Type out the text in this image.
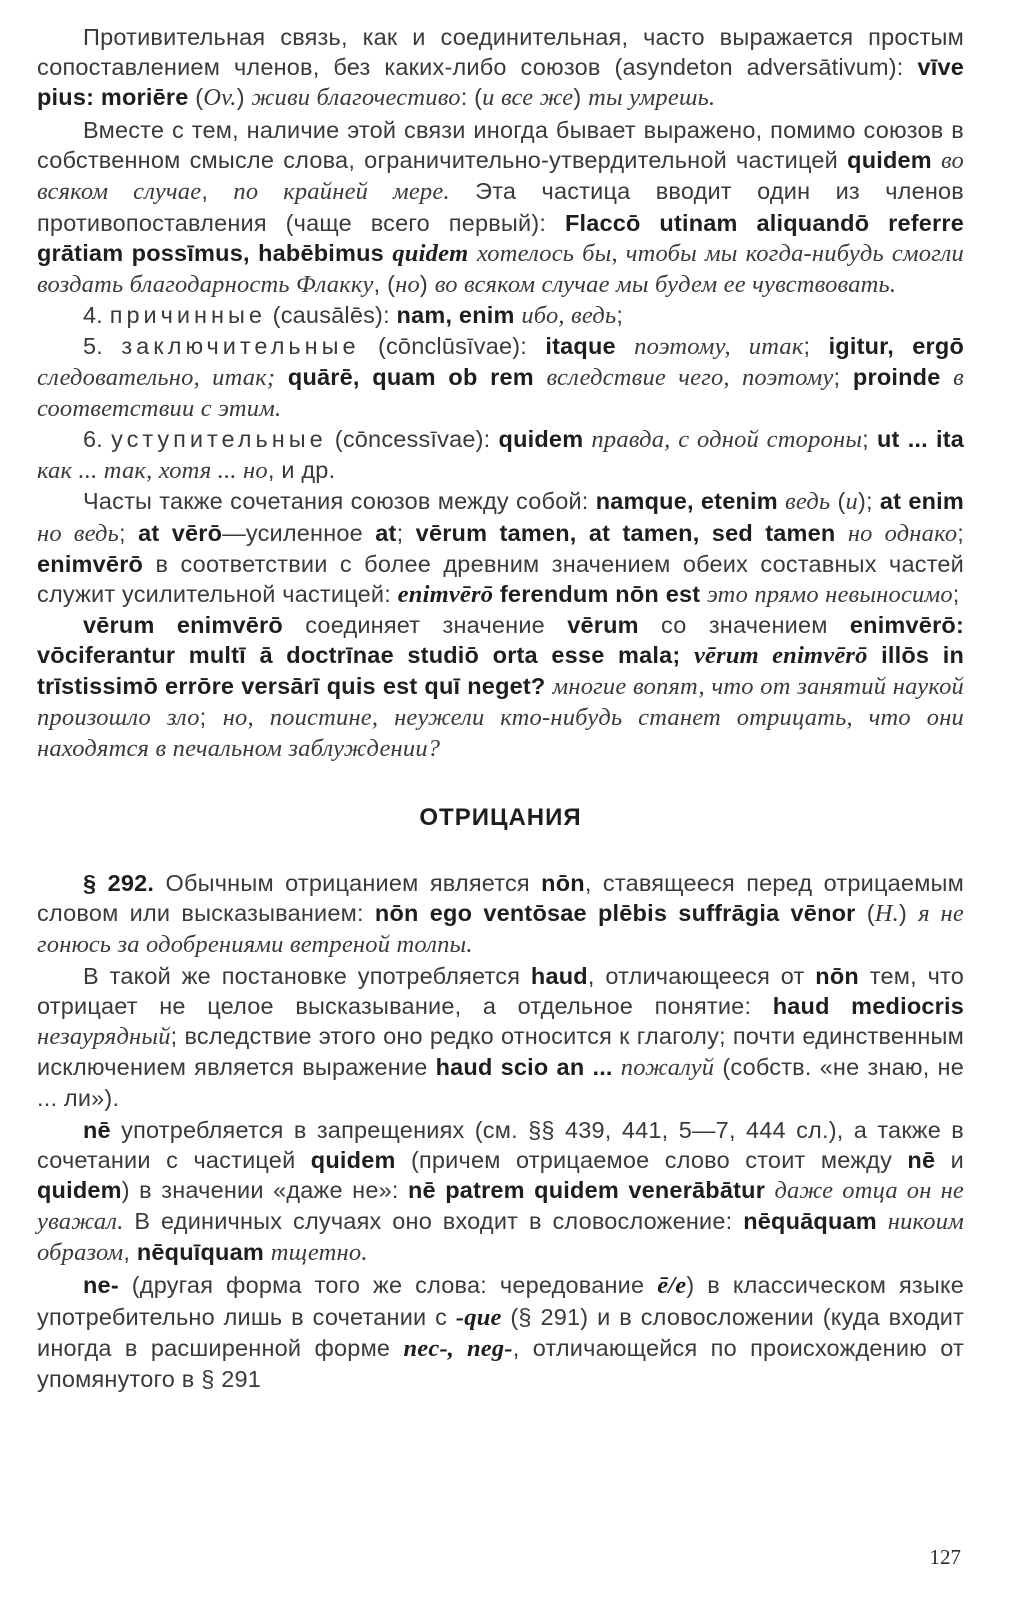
Противительная связь, как и соединительная, часто выражается простым сопоставлением членов, без каких-либо союзов (asyndeton adversātivum): vīve pius: moriēre (Ov.) живи благочестиво: (и все же) ты умрешь.

Вместе с тем, наличие этой связи иногда бывает выражено, помимо союзов в собственном смысле слова, ограничительно-утвердительной частицей quidem во всяком случае, по крайней мере. Эта частица вводит один из членов противопоставления (чаще всего первый): Flaccō utinam aliquandō referre grātiam possīmus, habēbimus quidem хотелось бы, чтобы мы когда-нибудь смогли воздать благодарность Флакку, (но) во всяком случае мы будем ее чувствовать.

4. причинные (causālēs): nam, enim ибо, ведь;

5. заключительные (cōnclūsīvae): itaque поэтому, итак; igitur, ergō следовательно, итак; quārē, quam ob rem вследствие чего, поэтому; proinde в соответствии с этим.

6. уступительные (cōncessīvae): quidem правда, с одной стороны; ut ... ita как ... так, хотя ... но, и др.

Часты также сочетания союзов между собой: namque, etenim ведь (и); at enim но ведь; at vērō—усиленное at; vērum tamen, at tamen, sed tamen но однако; enimvērō в соответствии с более древним значением обеих составных частей служит усилительной частицей: enimvērō ferendum nōn est это прямо невыносимо;

vērum enimvērō соединяет значение vērum со значением enimvērō: vōciferantur multī ā doctrīnae studiō orta esse mala; vērum enimvērō illōs in trīstissimō errōre versārī quis est quī neget? многие вопят, что от занятий наукой произошло зло; но, поистине, неужели кто-нибудь станет отрицать, что они находятся в печальном заблуждении?

ОТРИЦАНИЯ

§ 292. Обычным отрицанием является nōn, ставящееся перед отрицаемым словом или высказыванием: nōn ego ventōsae plēbis suffrāgia vēnor (H.) я не гонюсь за одобрениями ветреной толпы.

В такой же постановке употребляется haud, отличающееся от nōn тем, что отрицает не целое высказывание, а отдельное понятие: haud mediocris незаурядный; вследствие этого оно редко относится к глаголу; почти единственным исключением является выражение haud scio an ... пожалуй (собств. «не знаю, не ... ли»).

nē употребляется в запрещениях (см. §§ 439, 441, 5—7, 444 сл.), а также в сочетании с частицей quidem (причем отрицаемое слово стоит между nē и quidem) в значении «даже не»: nē patrem quidem venerābātur даже отца он не уважал. В единичных случаях оно входит в словосложение: nēquāquam никоим образом, nēquīquam тщетно.

ne- (другая форма того же слова: чередование ē/e) в классическом языке употребительно лишь в сочетании с -que (§ 291) и в словосложении (куда входит иногда в расширенной форме nec-, neg-, отличающейся по происхождению от упомянутого в § 291

127
